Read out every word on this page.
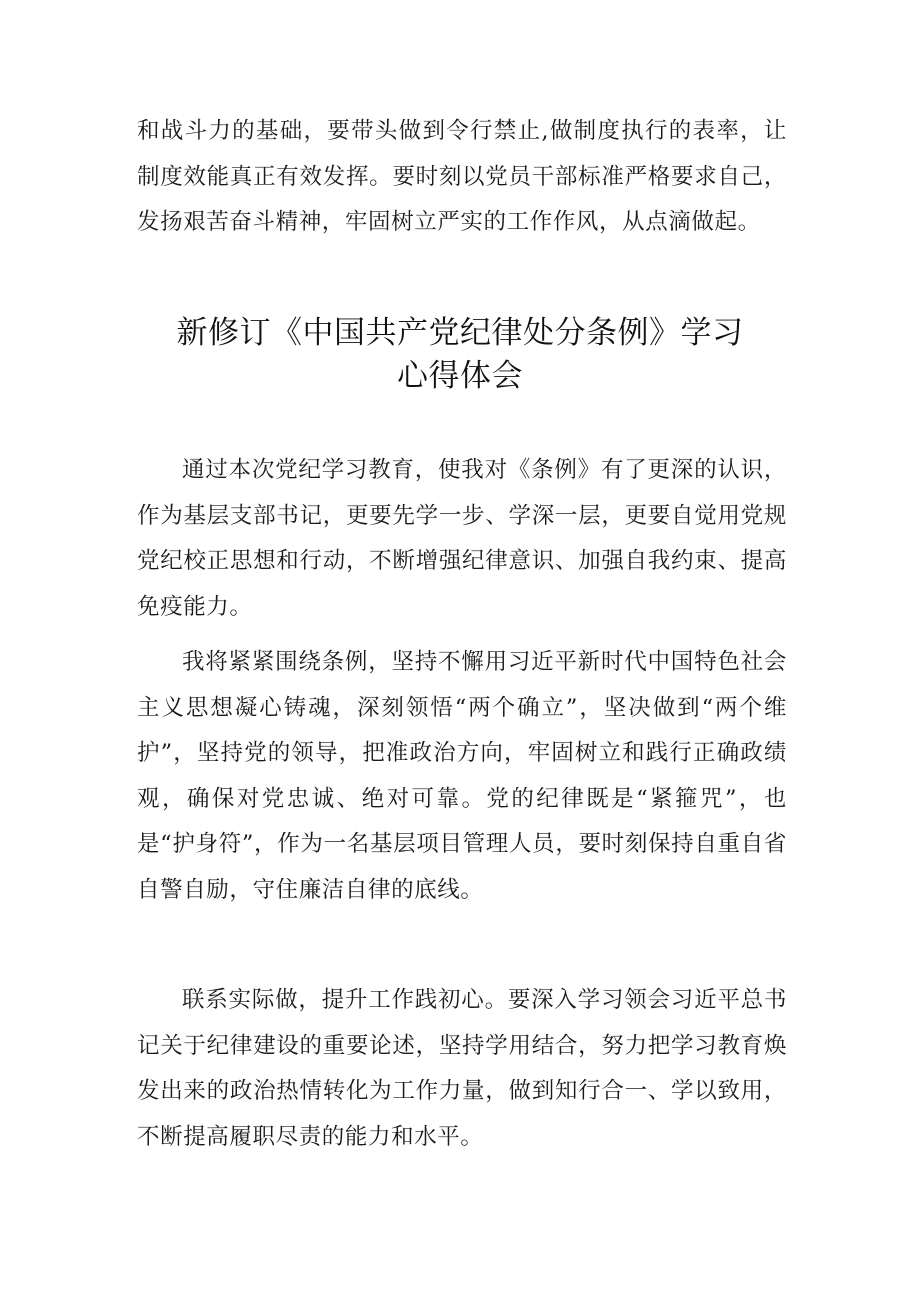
和战斗力的基础，要带头做到令行禁止,做制度执行的表率，让制度效能真正有效发挥。要时刻以党员干部标准严格要求自己，发扬艰苦奋斗精神，牢固树立严实的工作作风，从点滴做起。

新修订《中国共产党纪律处分条例》学习
心得体会

通过本次党纪学习教育，使我对《条例》有了更深的认识，作为基层支部书记，更要先学一步、学深一层，更要自觉用党规党纪校正思想和行动，不断增强纪律意识、加强自我约束、提高免疫能力。

我将紧紧围绕条例，坚持不懈用习近平新时代中国特色社会主义思想凝心铸魂，深刻领悟“两个确立”，坚决做到“两个维护”，坚持党的领导，把准政治方向，牢固树立和践行正确政绩观，确保对党忠诚、绝对可靠。党的纪律既是“紧箍咒”，也是“护身符”，作为一名基层项目管理人员，要时刻保持自重自省自警自励，守住廉洁自律的底线。

联系实际做，提升工作践初心。要深入学习领会习近平总书记关于纪律建设的重要论述，坚持学用结合，努力把学习教育焕发出来的政治热情转化为工作力量，做到知行合一、学以致用，不断提高履职尽责的能力和水平。
